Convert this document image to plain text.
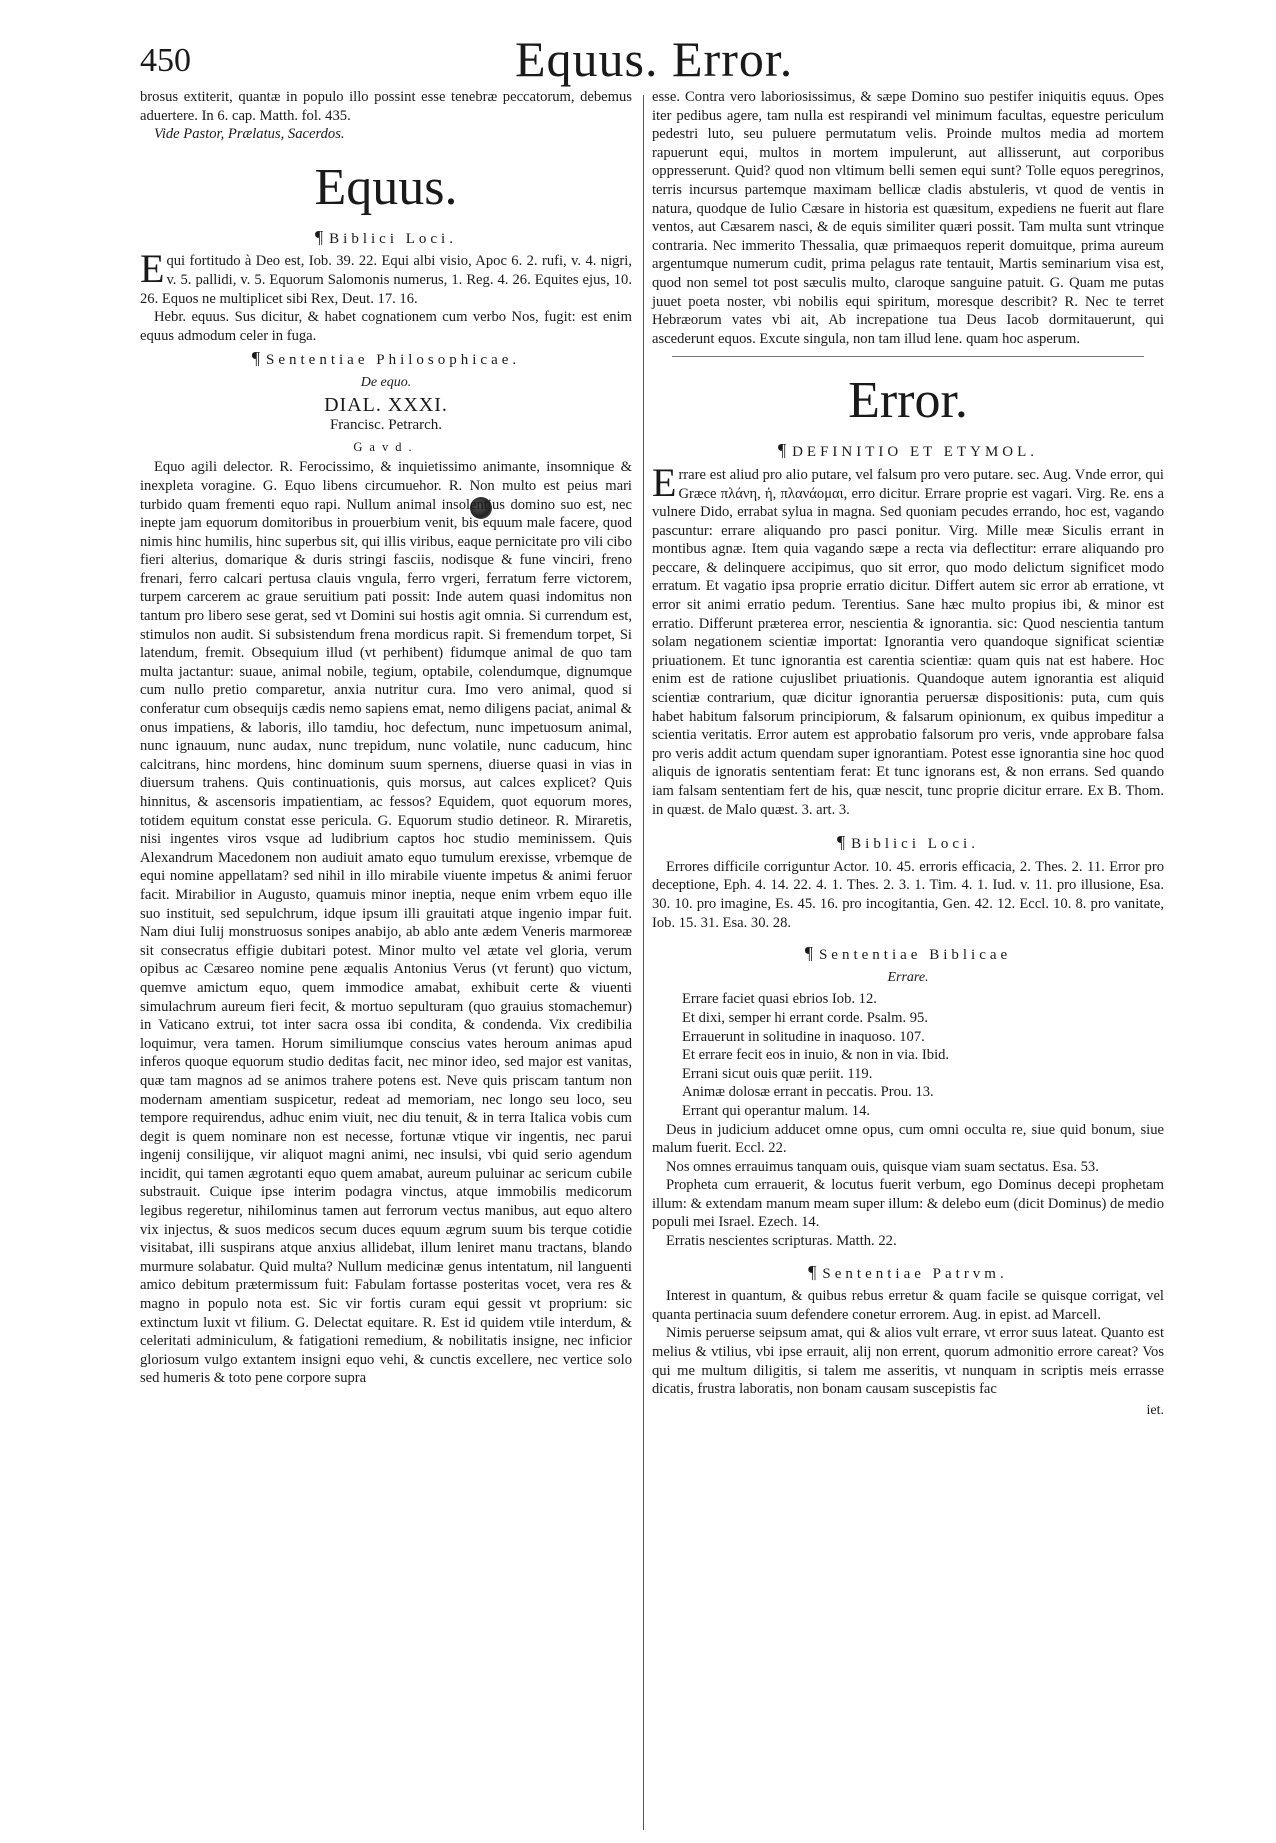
450	Equus. Error.

brosus extiterit, quantæ in populo illo possint esse tenebræ peccatorum, debemus aduertere. In 6. cap. Matth. fol. 435.

Vide Pastor, Prælatus, Sacerdos.

Equus.
¶ Biblici Loci.

Equi fortitudo à Deo est, Iob. 39. 22. Equi albi visio, Apoc 6. 2. rufi, v. 4. nigri, v. 5. pallidi, v. 5. Equorum Salomonis numerus, 1. Reg. 4. 26. Equites ejus, 10. 26. Equos ne multiplicet sibi Rex, Deut. 17. 16.

Hebr. equus. Sus dicitur, & habet cognationem cum verbo Nos, fugit: est enim equus admodum celer in fuga.

¶ Sententiae Philosophicae.
De equo.
DIAL. XXXI.
Francisc. Petrarch.
Gavd.

Equo agili delector. R. Ferocissimo, & inquietissimo animante, insomnique & inexpleta voragine. G. Equo libens circumuehor. R. Non multo est peius mari turbido quam frementi equo rapi. Nullum animal insolentius domino suo est, nec inepte jam equorum domitoribus in prouerbium venit, bis equum male facere, quod nimis hinc humilis, hinc superbus sit, qui illis viribus, eaque pernicitate pro vili cibo fieri alterius, domarique & duris stringi fasciis, nodisque & fune vinciri, freno frenari, ferro calcari pertusa clauis vngula, ferro vrgeri, ferratum ferre victorem, turpem carcerem ac graue seruitium pati possit: Inde autem quasi indomitus non tantum pro libero sese gerat, sed vt Domini sui hostis agit omnia. Si currendum est, stimulos non audit. Si subsistendum frena mordicus rapit. Si fremendum torpet, Si latendum, fremit. Obsequium illud (vt perhibent) fidumque animal de quo tam multa jactantur: suaue, animal nobile, tegium, optabile, colendumque, dignumque cum nullo pretio comparetur, anxia nutritur cura. Imo vero animal, quod si conferatur cum obsequijs cædis nemo sapiens emat, nemo diligens paciat, animal & onus impatiens, & laboris, illo tamdiu, hoc defectum, nunc impetuosum animal, nunc ignauum, nunc audax, nunc trepidum, nunc volatile, nunc caducum, hinc calcitrans, hinc mordens, hinc dominum suum spernens, diuerse quasi in vias in diuersum trahens. Quis continuationis, quis morsus, aut calces explicet? Quis hinnitus, & ascensoris impatientiam, ac fessos? Equidem, quot equorum mores, totidem equitum constat esse pericula. G. Equorum studio detineor. R. Miraretis, nisi ingentes viros vsque ad ludibrium captos hoc studio meminissem. Quis Alexandrum Macedonem non audiuit amato equo tumulum erexisse, vrbemque de equi nomine appellatam? sed nihil in illo mirabile viuente impetus & animi feruor facit. Mirabilior in Augusto, quamuis minor ineptia, neque enim vrbem equo ille suo instituit, sed sepulchrum, idque ipsum illi grauitati atque ingenio impar fuit. Nam diui Iulij monstruosus sonipes anabijo, ab ablo ante ædem Veneris marmoreæ sit consecratus effigie dubitari potest. Minor multo vel ætate vel gloria, verum opibus ac Cæsareo nomine pene æqualis Antonius Verus (vt ferunt) quo victum, quemve amictum equo, quem immodice amabat, exhibuit certe & viuenti simulachrum aureum fieri fecit, & mortuo sepulturam (quo grauius stomachemur) in Vaticano extrui, tot inter sacra ossa ibi condita, & condenda. Vix credibilia loquimur, vera tamen. Horum similiumque conscius vates heroum animas apud inferos quoque equorum studio deditas facit, nec minor ideo, sed major est vanitas, quæ tam magnos ad se animos trahere potens est. Neve quis priscam tantum non modernam amentiam suspicetur, redeat ad memoriam, nec longo seu loco, seu tempore requirendus, adhuc enim viuit, nec diu tenuit, & in terra Italica vobis cum degit is quem nominare non est necesse, fortunæ vtique vir ingentis, nec parui ingenij consilijque, vir aliquot magni animi, nec insulsi, vbi quid serio agendum incidit, qui tamen ægrotanti equo quem amabat, aureum puluinar ac sericum cubile substrauit. Cuique ipse interim podagra vinctus, atque immobilis medicorum legibus regeretur, nihilominus tamen aut ferrorum vectus manibus, aut equo altero vix injectus, & suos medicos secum duces equum ægrum suum bis terque cotidie visitabat, illi suspirans atque anxius allidebat, illum leniret manu tractans, blando murmure solabatur. Quid multa? Nullum medicinæ genus intentatum, nil languenti amico debitum prætermissum fuit: Fabulam fortasse posteritas vocet, vera res & magno in populo nota est. Sic vir fortis curam equi gessit vt proprium: sic extinctum luxit vt filium. G. Delectat equitare. R. Est id quidem vtile interdum, & celeritati adminiculum, & fatigationi remedium, & nobilitatis insigne, nec inficior gloriosum vulgo extantem insigni equo vehi, & cunctis excellere, nec vertice solo sed humeris & toto pene corpore supra

esse. Contra vero laboriosissimus, & sæpe Domino suo pestifer iniquitis equus. Opes iter pedibus agere, tam nulla est respirandi vel minimum facultas, equestre periculum pedestri luto, seu puluere permutatum velis. Proinde multos media ad mortem rapuerunt equi, multos in mortem impulerunt, aut allisserunt, aut corporibus oppresserunt. Quid? quod non vltimum belli semen equi sunt? Tolle equos peregrinos, terris incursus partemque maximam bellicæ cladis abstuleris, vt quod de ventis in natura, quodque de Iulio Cæsare in historia est quæsitum, expediens ne fuerit aut flare ventos, aut Cæsarem nasci, & de equis similiter quæri possit. Tam multa sunt vtrinque contraria. Nec immerito Thessalia, quæ primaequos reperit domuitque, prima aureum argentumque numerum cudit, prima pelagus rate tentauit, Martis seminarium visa est, quod non semel tot post sæculis multo, claroque sanguine patuit. G. Quam me putas juuet poeta noster, vbi nobilis equi spiritum, moresque describit? R. Nec te terret Hebræorum vates vbi ait, Ab increpatione tua Deus Iacob dormitauerunt, qui ascederunt equos. Excute singula, non tam illud lene. quam hoc asperum.

Error.
¶ DEFINITIO ET ETYMOL.

Errare est aliud pro alio putare, vel falsum pro vero putare. sec. Aug. Vnde error, qui Græce πλάνη, ἡ, πλανάομαι, erro dicitur. Errare proprie est vagari. Virg. Re. ens a vulnere Dido, errabat sylua in magna. Sed quoniam pecudes errando, hoc est, vagando pascuntur: errare aliquando pro pasci ponitur. Virg. Mille meæ Siculis errant in montibus agnæ. Item quia vagando sæpe a recta via deflectitur: errare aliquando pro peccare, & delinquere accipimus, quo sit error, quo modo delictum significet modo erratum. Et vagatio ipsa proprie erratio dicitur. Differt autem sic error ab erratione, vt error sit animi erratio pedum. Terentius. Sane hæc multo propius ibi, & minor est erratio. Differunt præterea error, nescientia & ignorantia. sic: Quod nescientia tantum solam negationem scientiæ importat: Ignorantia vero quandoque significat scientiæ priuationem. Et tunc ignorantia est carentia scientiæ: quam quis nat est habere. Hoc enim est de ratione cujuslibet priuationis. Quandoque autem ignorantia est aliquid scientiæ contrarium, quæ dicitur ignorantia peruersæ dispositionis: puta, cum quis habet habitum falsorum principiorum, & falsarum opinionum, ex quibus impeditur a scientia veritatis. Error autem est approbatio falsorum pro veris, vnde approbare falsa pro veris addit actum quendam super ignorantiam. Potest esse ignorantia sine hoc quod aliquis de ignoratis sententiam ferat: Et tunc ignorans est, & non errans. Sed quando iam falsam sententiam fert de his, quæ nescit, tunc proprie dicitur errare. Ex B. Thom. in quæst. de Malo quæst. 3. art. 3.

¶ Biblici Loci.

Errores difficile corriguntur Actor. 10. 45. erroris efficacia, 2. Thes. 2. 11. Error pro deceptione, Eph. 4. 14. 22. 4. 1. Thes. 2. 3. 1. Tim. 4. 1. Iud. v. 11. pro illusione, Esa. 30. 10. pro imagine, Es. 45. 16. pro incogitantia, Gen. 42. 12. Eccl. 10. 8. pro vanitate, Iob. 15. 31. Esa. 30. 28.

¶ Sententiae Biblicae
Errare.

Errare faciet quasi ebrios Iob. 12.

Et dixi, semper hi errant corde. Psalm. 95.

Errauerunt in solitudine in inaquoso. 107.

Et errare fecit eos in inuio, & non in via. Ibid.

Errani sicut ouis quæ periit. 119.

Animæ dolosæ errant in peccatis. Prou. 13.

Errant qui operantur malum. 14.

Deus in judicium adducet omne opus, cum omni occulta re, siue quid bonum, siue malum fuerit. Eccl. 22.

Nos omnes errauimus tanquam ouis, quisque viam suam sectatus. Esa. 53.

Propheta cum errauerit, & locutus fuerit verbum, ego Dominus decepi prophetam illum: & extendam manum meam super illum: & delebo eum (dicit Dominus) de medio populi mei Israel. Ezech. 14.

Erratis nescientes scripturas. Matth. 22.

¶ Sententiae Patrvm.

Interest in quantum, & quibus rebus erretur & quam facile se quisque corrigat, vel quanta pertinacia suum defendere conetur errorem. Aug. in epist. ad Marcell.

Nimis peruerse seipsum amat, qui & alios vult errare, vt error suus lateat. Quanto est melius & vtilius, vbi ipse errauit, alij non errent, quorum admonitio errore careat? Vos qui me multum diligitis, si talem me asseritis, vt nunquam in scriptis meis errasse dicatis, frustra laboratis, non bonam causam suscepistis fac

iet.
